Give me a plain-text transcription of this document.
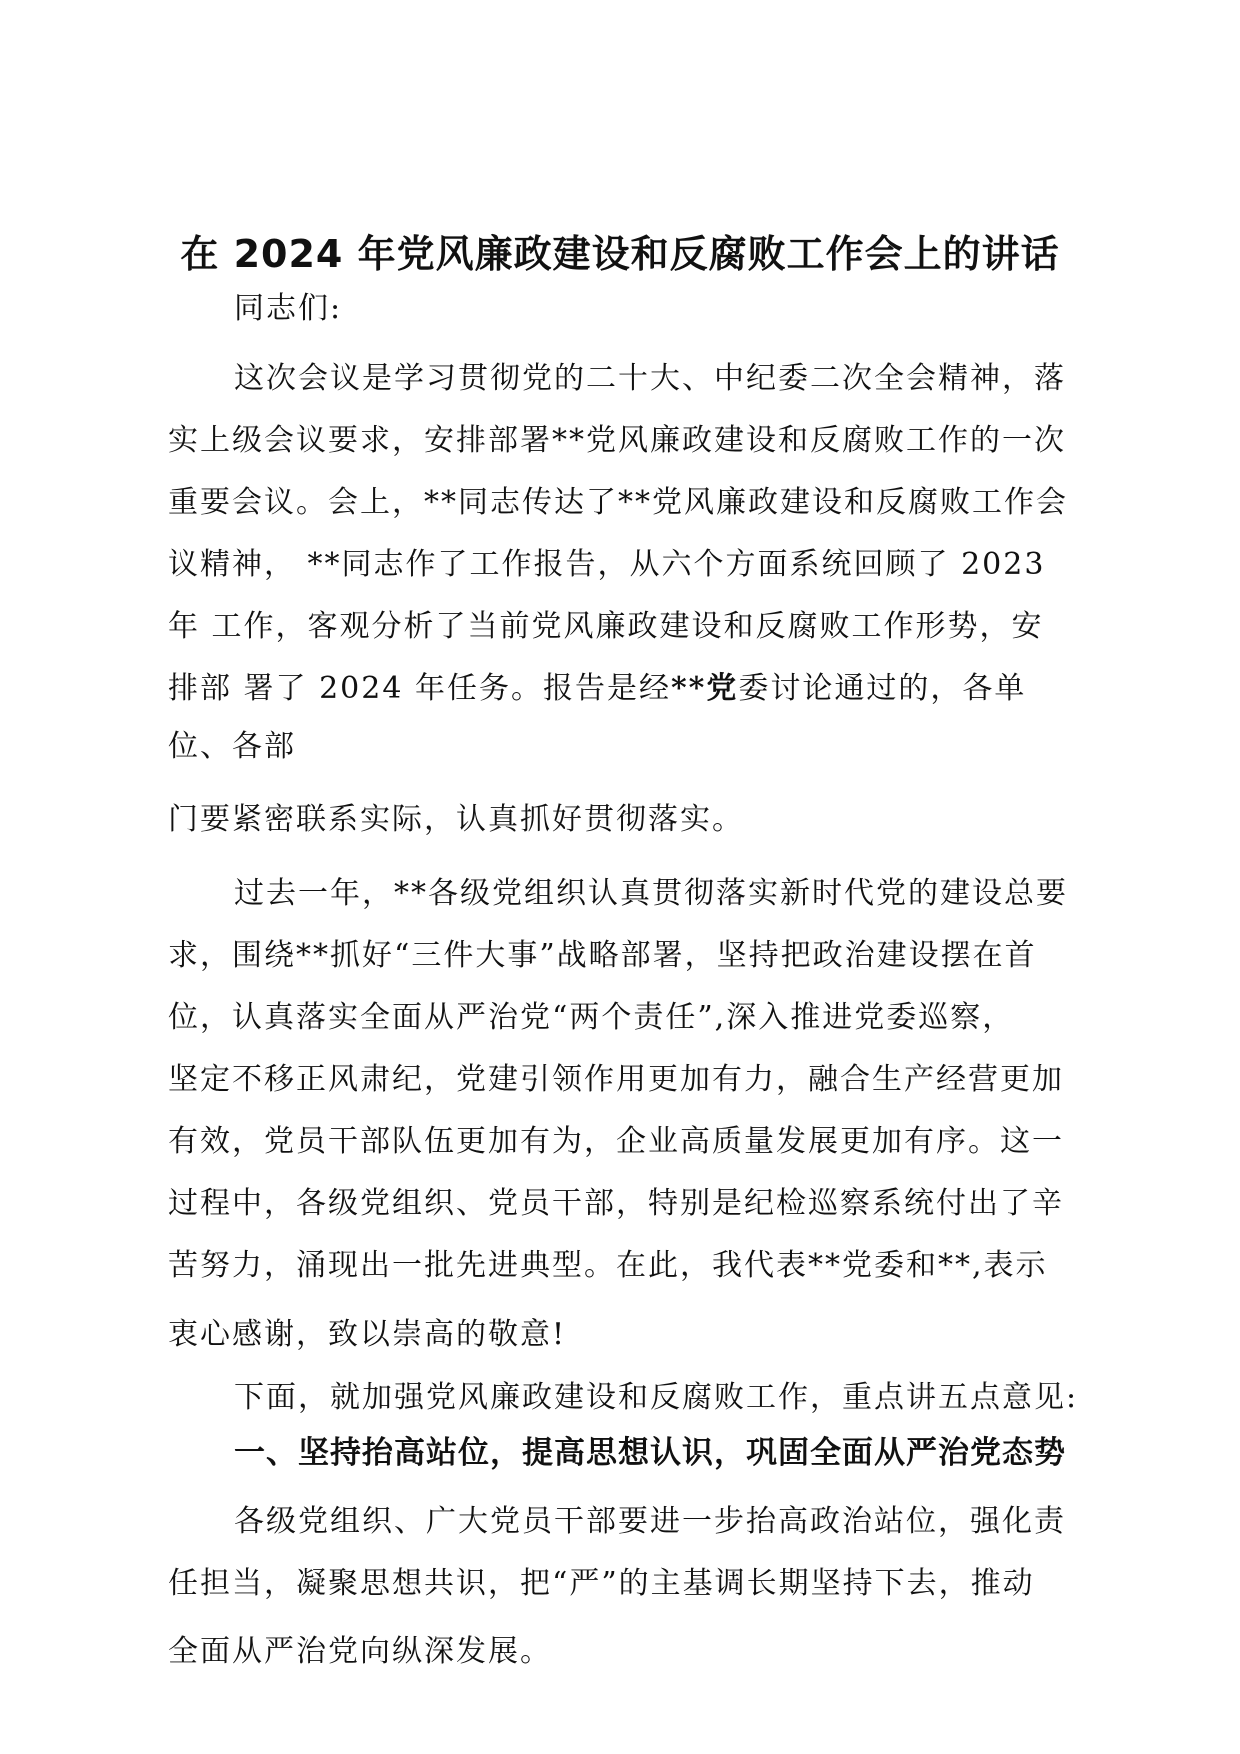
在 2024 年党风廉政建设和反腐败工作会上的讲话
同志们:
这次会议是学习贯彻党的二十大、中纪委二次全会精神，落
实上级会议要求，安排部署**党风廉政建设和反腐败工作的一次
重要会议。会上，**同志传达了**党风廉政建设和反腐败工作会
议精神， **同志作了工作报告，从六个方面系统回顾了 2023
年 工作，客观分析了当前党风廉政建设和反腐败工作形势，安
排部 署了 2024 年任务。报告是经**党委讨论通过的，各单
位、各部
门要紧密联系实际，认真抓好贯彻落实。
过去一年，**各级党组织认真贯彻落实新时代党的建设总要
求，围绕**抓好“三件大事”战略部署，坚持把政治建设摆在首
位，认真落实全面从严治党“两个责任”,深入推进党委巡察，
坚定不移正风肃纪，党建引领作用更加有力，融合生产经营更加
有效，党员干部队伍更加有为，企业高质量发展更加有序。这一
过程中，各级党组织、党员干部，特别是纪检巡察系统付出了辛
苦努力，涌现出一批先进典型。在此，我代表**党委和**,表示
衷心感谢，致以崇高的敬意!
下面，就加强党风廉政建设和反腐败工作，重点讲五点意见:
一、坚持抬高站位，提高思想认识，巩固全面从严治党态势
各级党组织、广大党员干部要进一步抬高政治站位，强化责
任担当，凝聚思想共识，把“严”的主基调长期坚持下去，推动
全面从严治党向纵深发展。
